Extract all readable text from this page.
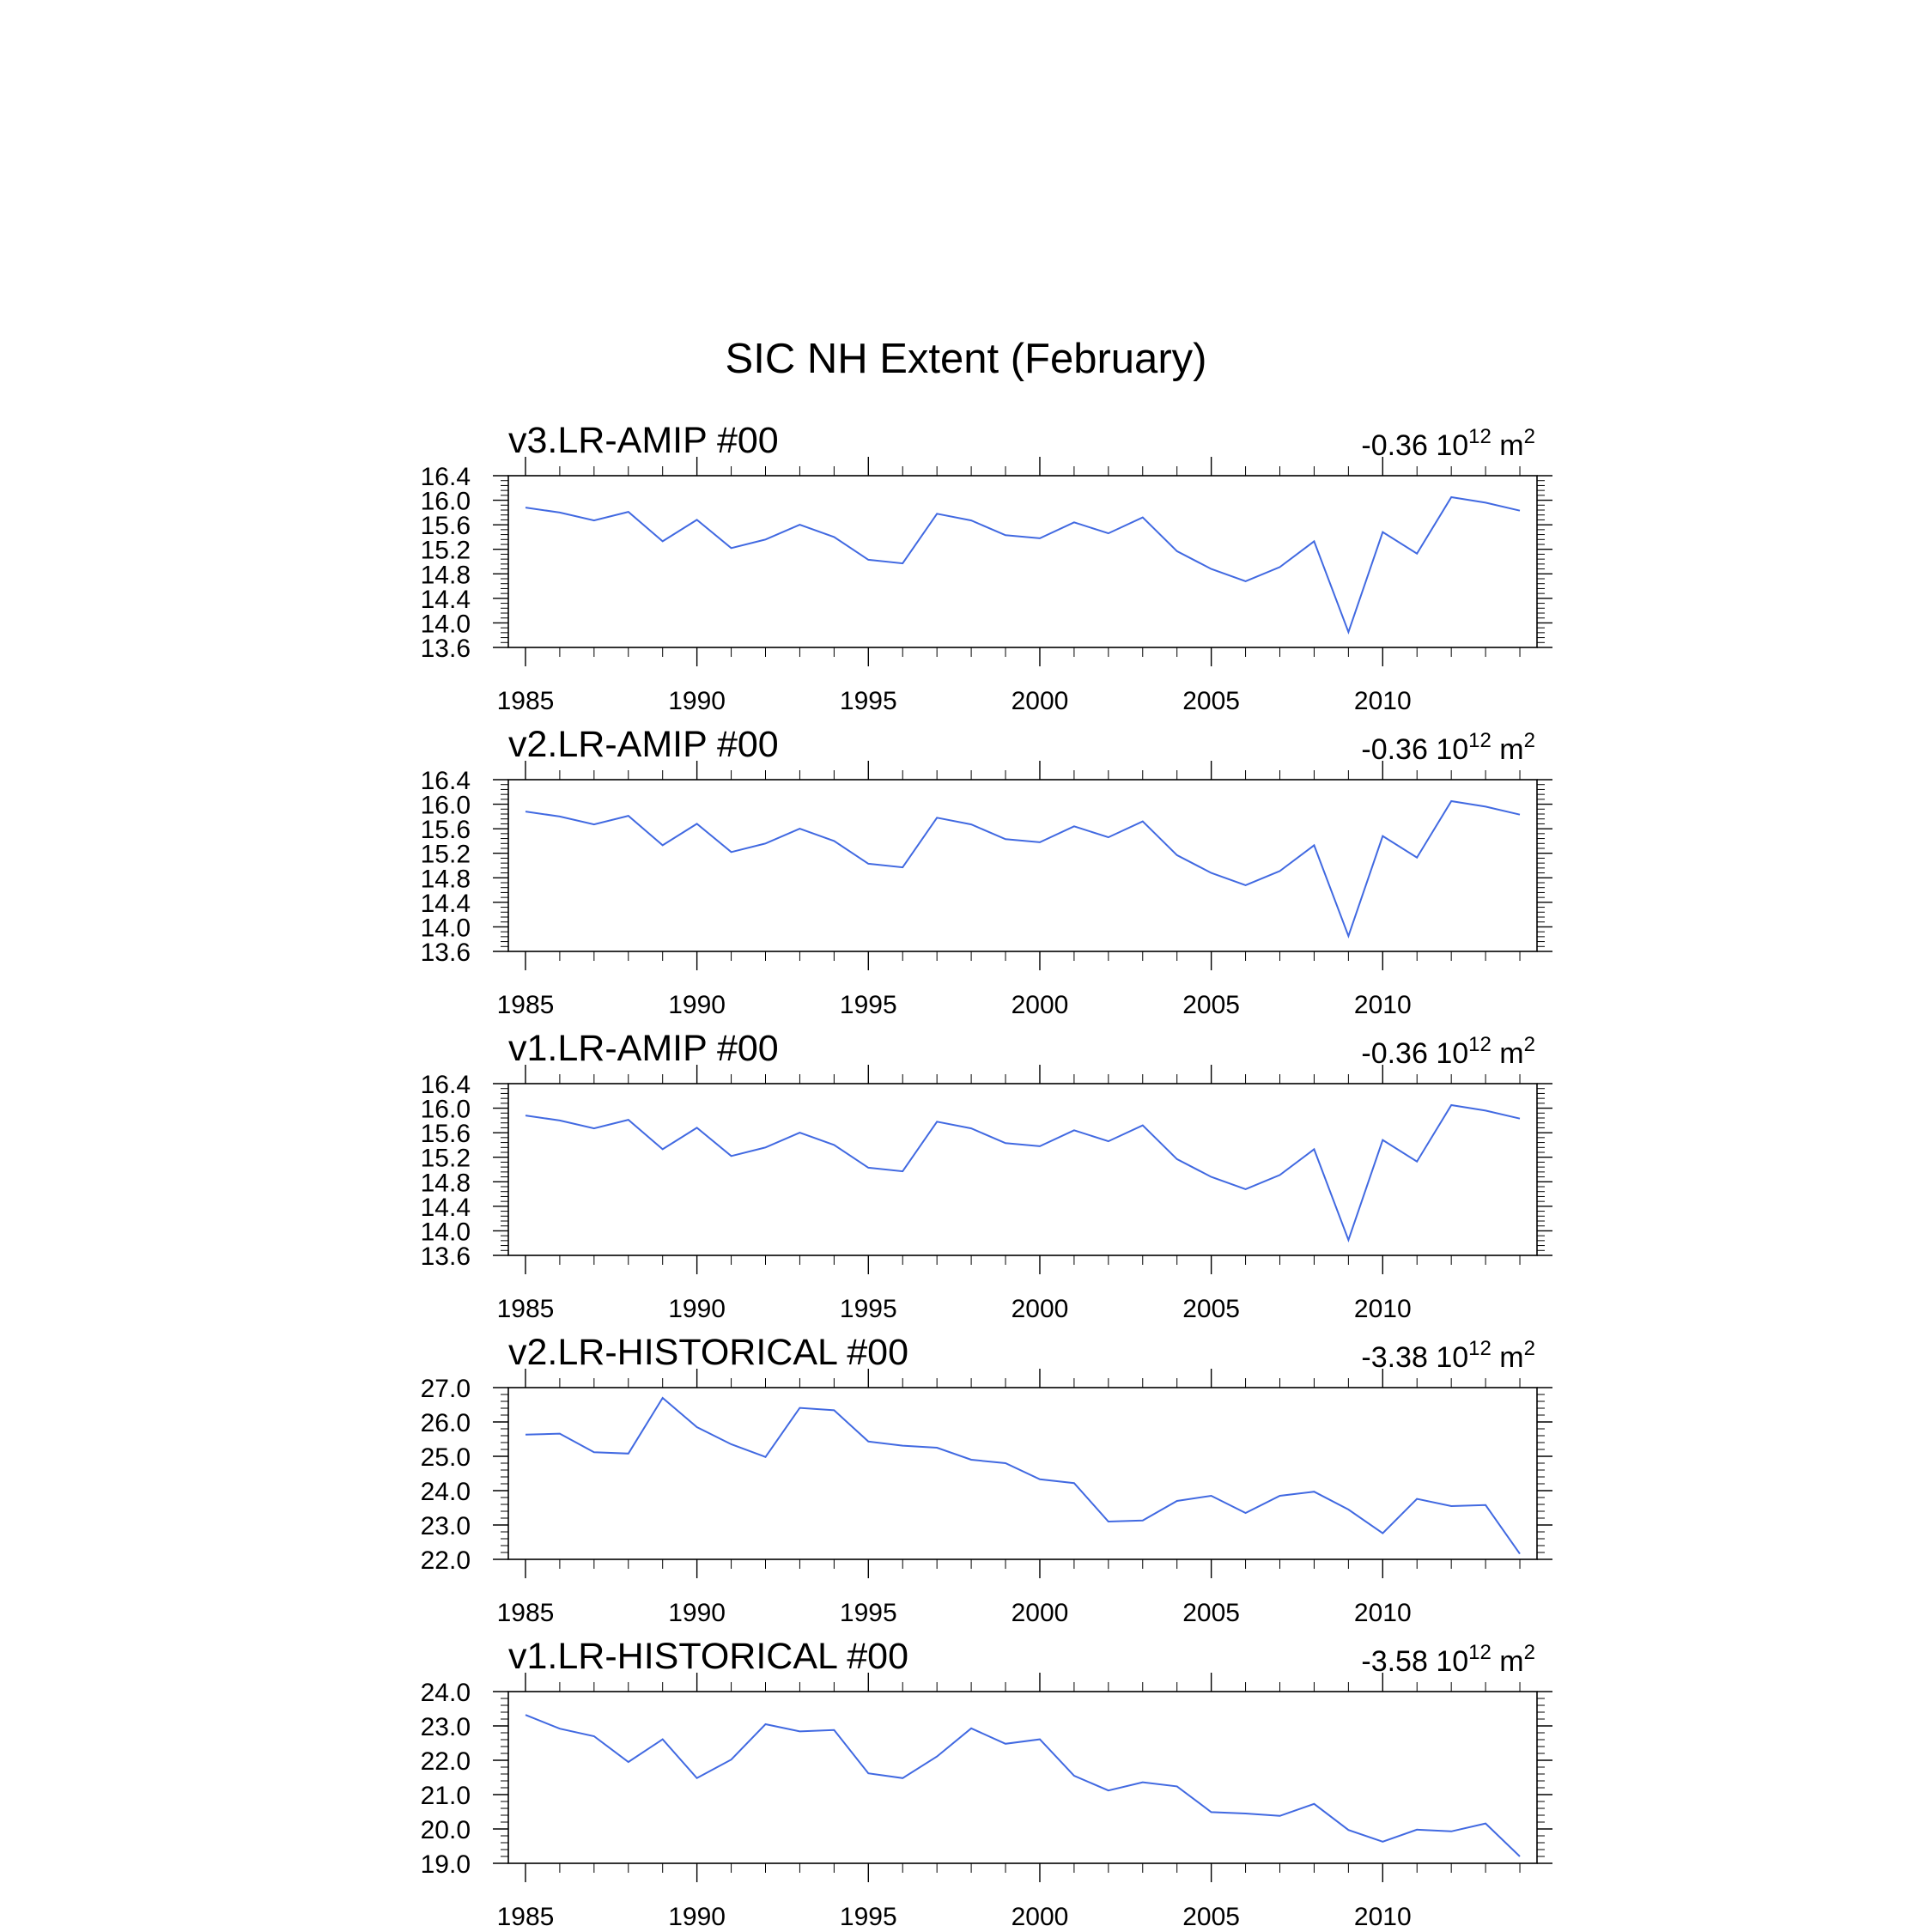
SIC NH Extent (February)
v3.LR-AMIP #00	-0.36 $10^{12}$ $m^2$
13.6
14.0
14.4
14.8
15.2
15.6
16.0
16.4
1985	1990	1995	2000	2005	2010
v2.LR-AMIP #00	-0.36 $10^{12}$ $m^2$
13.6
14.0
14.4
14.8
15.2
15.6
16.0
16.4
1985	1990	1995	2000	2005	2010
v1.LR-AMIP #00	-0.36 $10^{12}$ $m^2$
13.6
14.0
14.4
14.8
15.2
15.6
16.0
16.4
1985	1990	1995	2000	2005	2010
v2.LR-HISTORICAL #00	-3.38 $10^{12}$ $m^2$
22.0
23.0
24.0
25.0
26.0
27.0
1985	1990	1995	2000	2005	2010
v1.LR-HISTORICAL #00	-3.58 $10^{12}$ $m^2$
19.0
20.0
21.0
22.0
23.0
24.0
1985	1990	1995	2000	2005	2010
